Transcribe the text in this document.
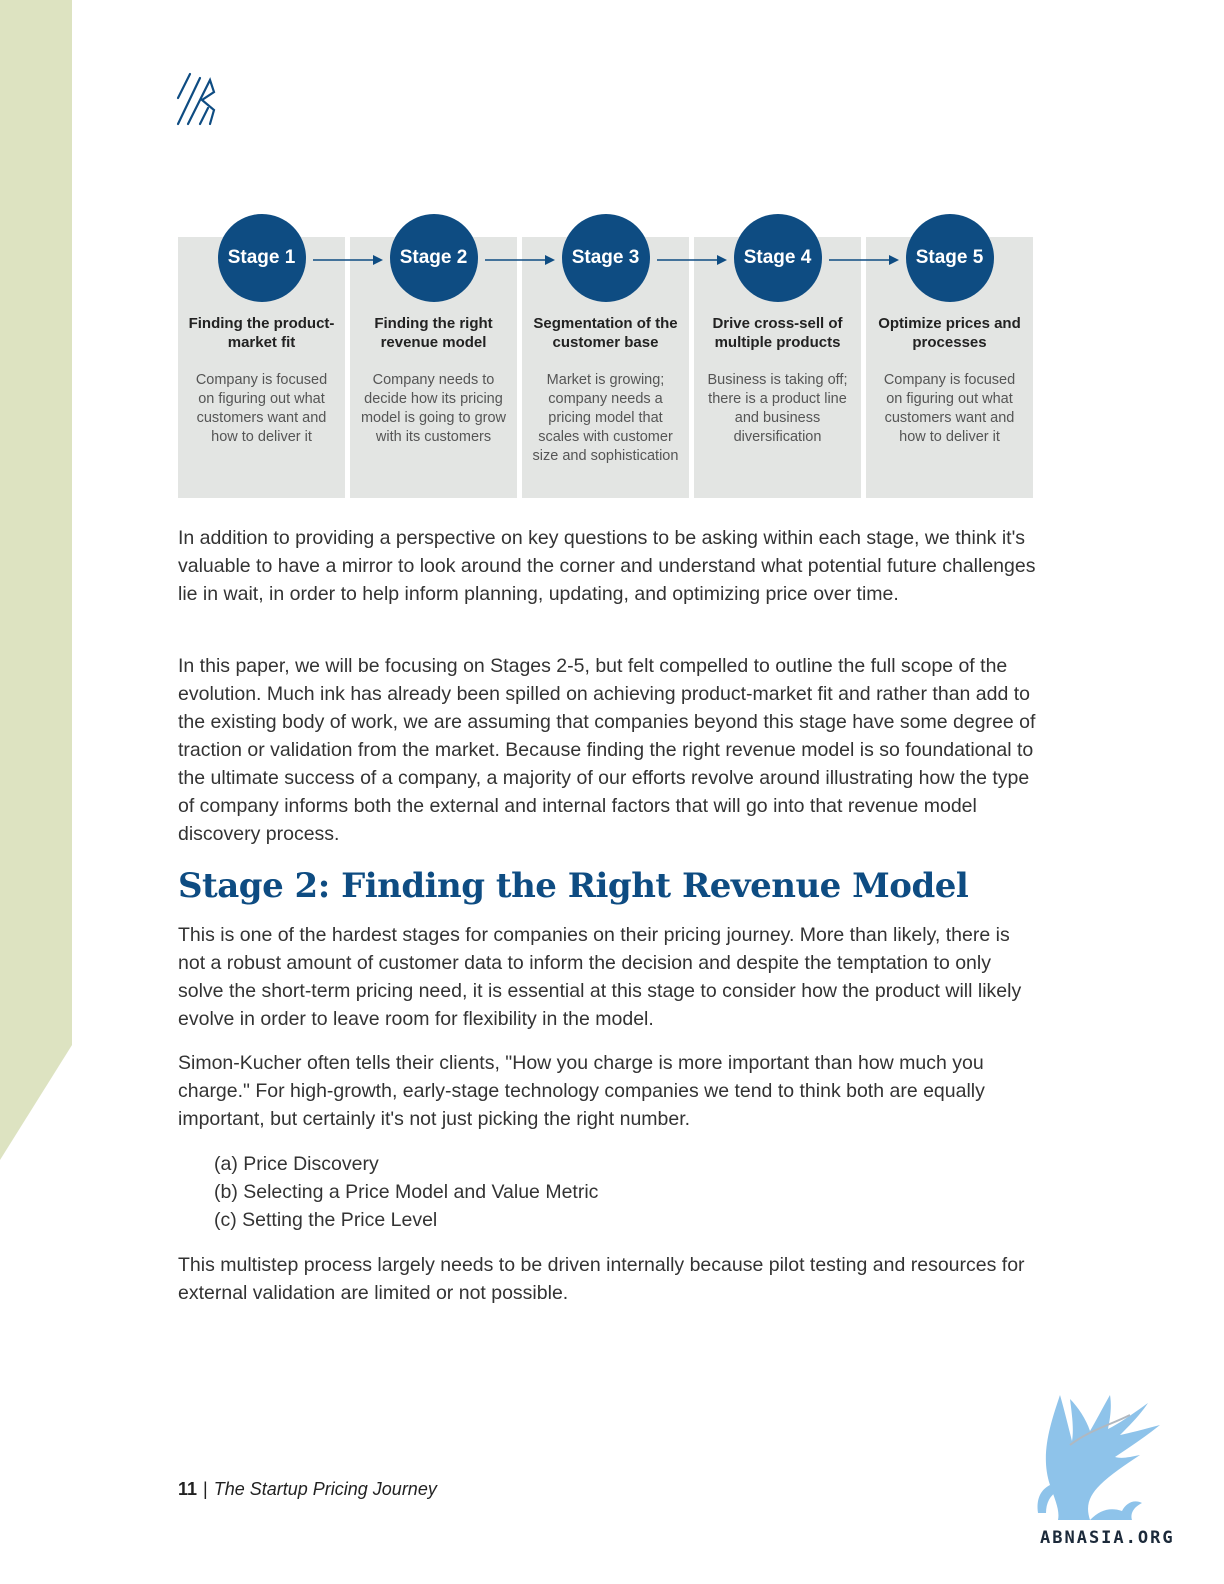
Stage 1
Finding the product-market fit
Company is focused on figuring out what customers want and how to deliver it
Stage 2
Finding the right revenue model
Company needs to decide how its pricing model is going to grow with its customers
Stage 3
Segmentation of the customer base
Market is growing; company needs a pricing model that scales with customer size and sophistication
Stage 4
Drive cross-sell of multiple products
Business is taking off; there is a product line and business diversification
Stage 5
Optimize prices and processes
Company is focused on figuring out what customers want and how to deliver it

In addition to providing a perspective on key questions to be asking within each stage, we think it's valuable to have a mirror to look around the corner and understand what potential future challenges lie in wait, in order to help inform planning, updating, and optimizing price over time.

In this paper, we will be focusing on Stages 2-5, but felt compelled to outline the full scope of the evolution. Much ink has already been spilled on achieving product-market fit and rather than add to the existing body of work, we are assuming that companies beyond this stage have some degree of traction or validation from the market. Because finding the right revenue model is so foundational to the ultimate success of a company, a majority of our efforts revolve around illustrating how the type of company informs both the external and internal factors that will go into that revenue model discovery process.

Stage 2: Finding the Right Revenue Model

This is one of the hardest stages for companies on their pricing journey. More than likely, there is not a robust amount of customer data to inform the decision and despite the temptation to only solve the short-term pricing need, it is essential at this stage to consider how the product will likely evolve in order to leave room for flexibility in the model.

Simon-Kucher often tells their clients, "How you charge is more important than how much you charge." For high-growth, early-stage technology companies we tend to think both are equally important, but certainly it's not just picking the right number.

(a) Price Discovery
(b) Selecting a Price Model and Value Metric
(c) Setting the Price Level

This multistep process largely needs to be driven internally because pilot testing and resources for external validation are limited or not possible.

11 | The Startup Pricing Journey
ABNASIA.ORG
